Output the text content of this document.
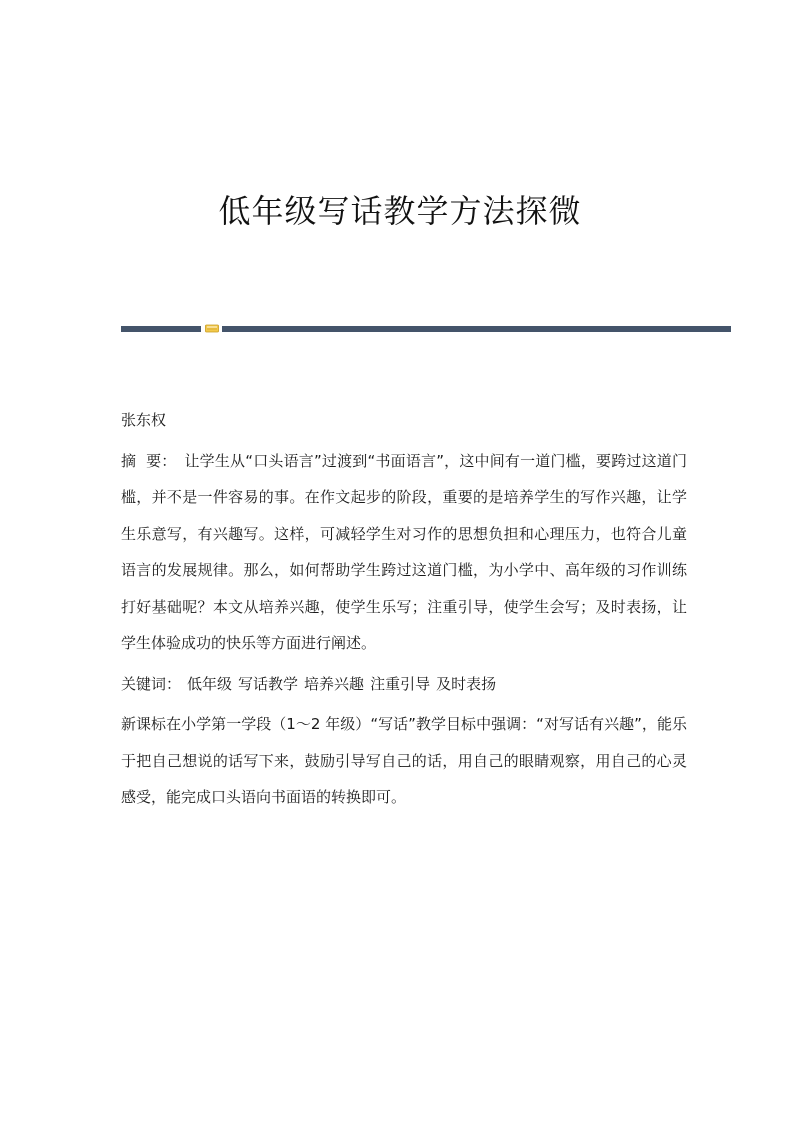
低年级写话教学方法探微

张东权

摘  要： 让学生从“口头语言”过渡到“书面语言”，这中间有一道门槛，要跨过这道门槛，并不是一件容易的事。在作文起步的阶段，重要的是培养学生的写作兴趣，让学生乐意写，有兴趣写。这样，可减轻学生对习作的思想负担和心理压力，也符合儿童语言的发展规律。那么，如何帮助学生跨过这道门槛，为小学中、高年级的习作训练打好基础呢？本文从培养兴趣，使学生乐写；注重引导，使学生会写；及时表扬，让学生体验成功的快乐等方面进行阐述。

关键词： 低年级 写话教学 培养兴趣 注重引导 及时表扬

新课标在小学第一学段（1～2 年级）“写话”教学目标中强调：“对写话有兴趣”，能乐于把自己想说的话写下来，鼓励引导写自己的话，用自己的眼睛观察，用自己的心灵感受，能完成口头语向书面语的转换即可。
